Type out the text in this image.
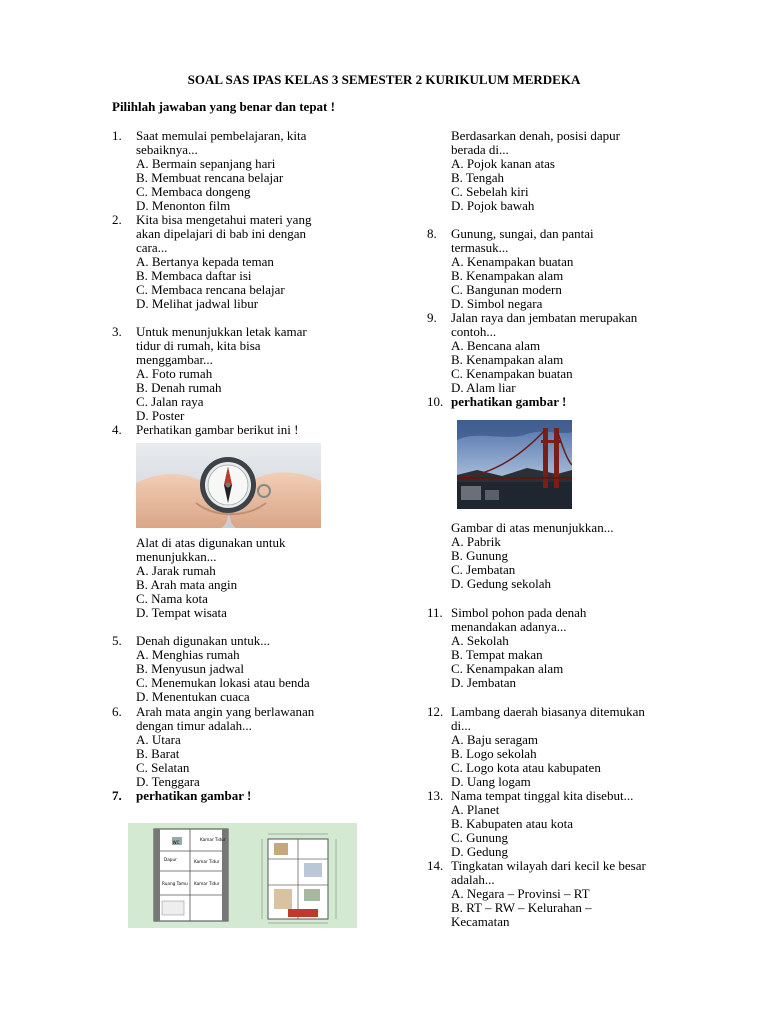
SOAL SAS IPAS KELAS 3 SEMESTER 2 KURIKULUM MERDEKA
Pilihlah jawaban yang benar dan tepat !
1. Saat memulai pembelajaran, kita
sebaiknya...
A. Bermain sepanjang hari
B. Membuat rencana belajar
C. Membaca dongeng
D. Menonton film
2. Kita bisa mengetahui materi yang
akan dipelajari di bab ini dengan
cara...
A. Bertanya kepada teman
B. Membaca daftar isi
C. Membaca rencana belajar
D. Melihat jadwal libur
3. Untuk menunjukkan letak kamar
tidur di rumah, kita bisa
menggambar...
A. Foto rumah
B. Denah rumah
C. Jalan raya
D. Poster
4. Perhatikan gambar berikut ini !
Alat di atas digunakan untuk
menunjukkan...
A. Jarak rumah
B. Arah mata angin
C. Nama kota
D. Tempat wisata
5. Denah digunakan untuk...
A. Menghias rumah
B. Menyusun jadwal
C. Menemukan lokasi atau benda
D. Menentukan cuaca
6. Arah mata angin yang berlawanan
dengan timur adalah...
A. Utara
B. Barat
C. Selatan
D. Tenggara
7. perhatikan gambar !
WC
Kamar Tidur
Dapur	Kamar Tidur
Ruang Tamu Kamar Tidur
Berdasarkan denah, posisi dapur
berada di...
A. Pojok kanan atas
B. Tengah
C. Sebelah kiri
D. Pojok bawah
8. Gunung, sungai, dan pantai
termasuk...
A. Kenampakan buatan
B. Kenampakan alam
C. Bangunan modern
D. Simbol negara
9. Jalan raya dan jembatan merupakan
contoh...
A. Bencana alam
B. Kenampakan alam
C. Kenampakan buatan
D. Alam liar
10. perhatikan gambar !
Gambar di atas menunjukkan...
A. Pabrik
B. Gunung
C. Jembatan
D. Gedung sekolah
11. Simbol pohon pada denah
menandakan adanya...
A. Sekolah
B. Tempat makan
C. Kenampakan alam
D. Jembatan
12. Lambang daerah biasanya ditemukan
di...
A. Baju seragam
B. Logo sekolah
C. Logo kota atau kabupaten
D. Uang logam
13. Nama tempat tinggal kita disebut...
A. Planet
B. Kabupaten atau kota
C. Gunung
D. Gedung
14. Tingkatan wilayah dari kecil ke besar
adalah...
A. Negara – Provinsi – RT
B. RT – RW – Kelurahan –
Kecamatan
